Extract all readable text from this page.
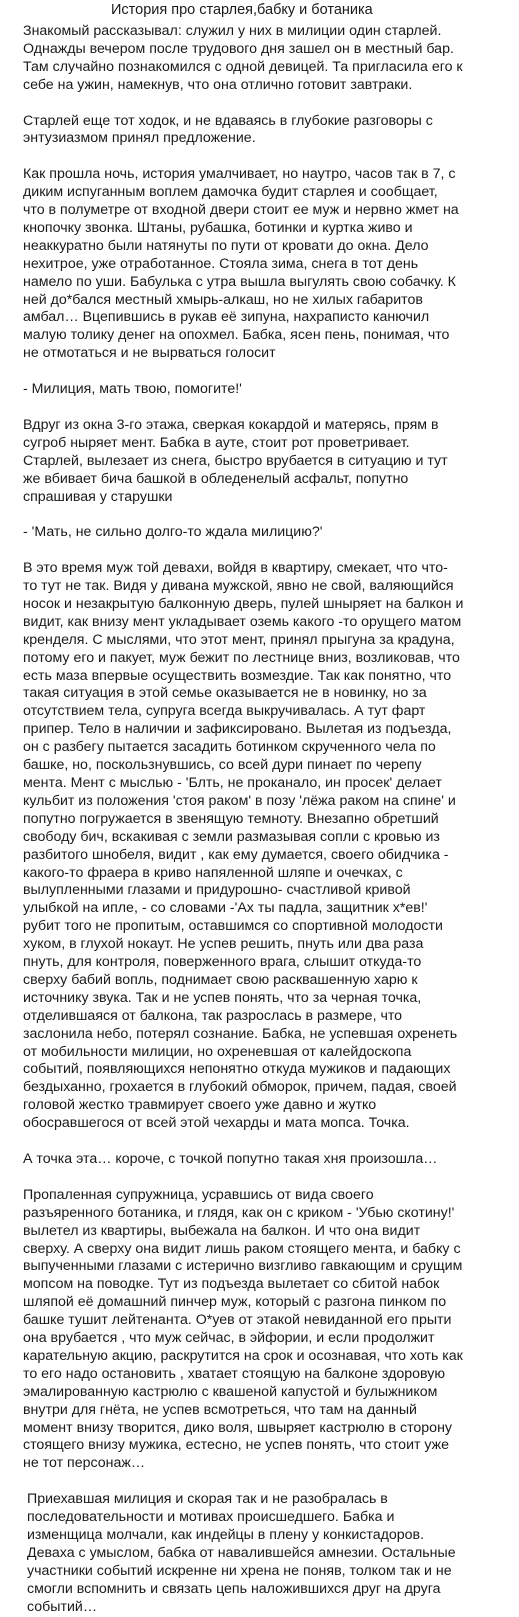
История про старлея,бабку и ботаника

Знакомый рассказывал: служил у них в милиции один старлей.
Однажды вечером после трудового дня зашел он в местный бар.
Там случайно познакомился с одной девицей. Та пригласила его к
себе на ужин, намекнув, что она отлично готовит завтраки.

Старлей еще тот ходок, и не вдаваясь в глубокие разговоры с
энтузиазмом принял предложение.

Как прошла ночь, история умалчивает, но наутро, часов так в 7, с
диким испуганным воплем дамочка будит старлея и сообщает,
что в полуметре от входной двери стоит ее муж и нервно жмет на
кнопочку звонка. Штаны, рубашка, ботинки и куртка живо и
неаккуратно были натянуты по пути от кровати до окна. Дело
нехитрое, уже отработанное. Стояла зима, снега в тот день
намело по уши. Бабулька с утра вышла выгулять свою собачку. К
ней до*бался местный хмырь-алкаш, но не хилых габаритов
амбал… Вцепившись в рукав её зипуна, нахраписто канючил
малую толику денег на опохмел. Бабка, ясен пень, понимая, что
не отмотаться и не вырваться голосит

- Милиция, мать твою, помогите!'

Вдруг из окна 3-го этажа, сверкая кокардой и матерясь, прям в
сугроб ныряет мент. Бабка в ауте, стоит рот проветривает.
Старлей, вылезает из снега, быстро врубается в ситуацию и тут
же вбивает бича башкой в обледенелый асфальт, попутно
спрашивая у старушки

- 'Мать, не сильно долго-то ждала милицию?'

В это время муж той девахи, войдя в квартиру, смекает, что что-
то тут не так. Видя у дивана мужской, явно не свой, валяющийся
носок и незакрытую балконную дверь, пулей шныряет на балкон и
видит, как внизу мент укладывает оземь какого -то орущего матом
кренделя. С мыслями, что этот мент, принял прыгуна за крадуна,
потому его и пакует, муж бежит по лестнице вниз, возликовав, что
есть маза впервые осуществить возмездие. Так как понятно, что
такая ситуация в этой семье оказывается не в новинку, но за
отсутствием тела, супруга всегда выкручивалась. А тут фарт
припер. Тело в наличии и зафиксировано. Вылетая из подъезда,
он с разбегу пытается засадить ботинком скрученного чела по
башке, но, поскользнувшись, со всей дури пинает по черепу
мента. Мент с мыслью - 'Блть, не проканало, ин просек' делает
кульбит из положения 'стоя раком' в позу 'лёжа раком на спине' и
попутно погружается в звенящую темноту. Внезапно обретший
свободу бич, вскакивая с земли размазывая сопли с кровью из
разбитого шнобеля, видит , как ему думается, своего обидчика -
какого-то фраера в криво напяленной шляпе и очечках, с
вылупленными глазами и придурошно- счастливой кривой
улыбкой на ипле, - со словами -'Ах ты падла, защитник х*ев!'
рубит того не пропитым, оставшимся со спортивной молодости
хуком, в глухой нокаут. Не успев решить, пнуть или два раза
пнуть, для контроля, поверженного врага, слышит откуда-то
сверху бабий вопль, поднимает свою расквашенную харю к
источнику звука. Так и не успев понять, что за черная точка,
отделившаяся от балкона, так разрослась в размере, что
заслонила небо, потерял сознание. Бабка, не успевшая охренеть
от мобильности милиции, но охреневшая от калейдоскопа
событий, появляющихся непонятно откуда мужиков и падающих
бездыханно, грохается в глубокий обморок, причем, падая, своей
головой жестко травмирует своего уже давно и жутко
обосравшегося от всей этой чехарды и мата мопса. Точка.

А точка эта… короче, с точкой попутно такая хня произошла…

Пропаленная супружница, усравшись от вида своего
разъяренного ботаника, и глядя, как он с криком - 'Убью скотину!'
вылетел из квартиры, выбежала на балкон. И что она видит
сверху. А сверху она видит лишь раком стоящего мента, и бабку с
выпученными глазами с истерично визгливо гавкающим и срущим
мопсом на поводке. Тут из подъезда вылетает со сбитой набок
шляпой её домашний пинчер муж, который с разгона пинком по
башке тушит лейтенанта. О*уев от этакой невиданной его прыти
она врубается , что муж сейчас, в эйфории, и если продолжит
карательную акцию, раскрутится на срок и осознавая, что хоть как
то его надо остановить , хватает стоящую на балконе здоровую
эмалированную кастрюлю с квашеной капустой и булыжником
внутри для гнёта, не успев всмотреться, что там на данный
момент внизу творится, дико воля, швыряет кастрюлю в сторону
стоящего внизу мужика, естесно, не успев понять, что стоит уже
не тот персонаж…

Приехавшая милиция и скорая так и не разобралась в
последовательности и мотивах происшедшего. Бабка и
изменщица молчали, как индейцы в плену у конкистадоров.
Деваха с умыслом, бабка от навалившейся амнезии. Остальные
участники событий искренне ни хрена не поняв, толком так и не
смогли вспомнить и связать цепь наложившихся друг на друга
событий…
